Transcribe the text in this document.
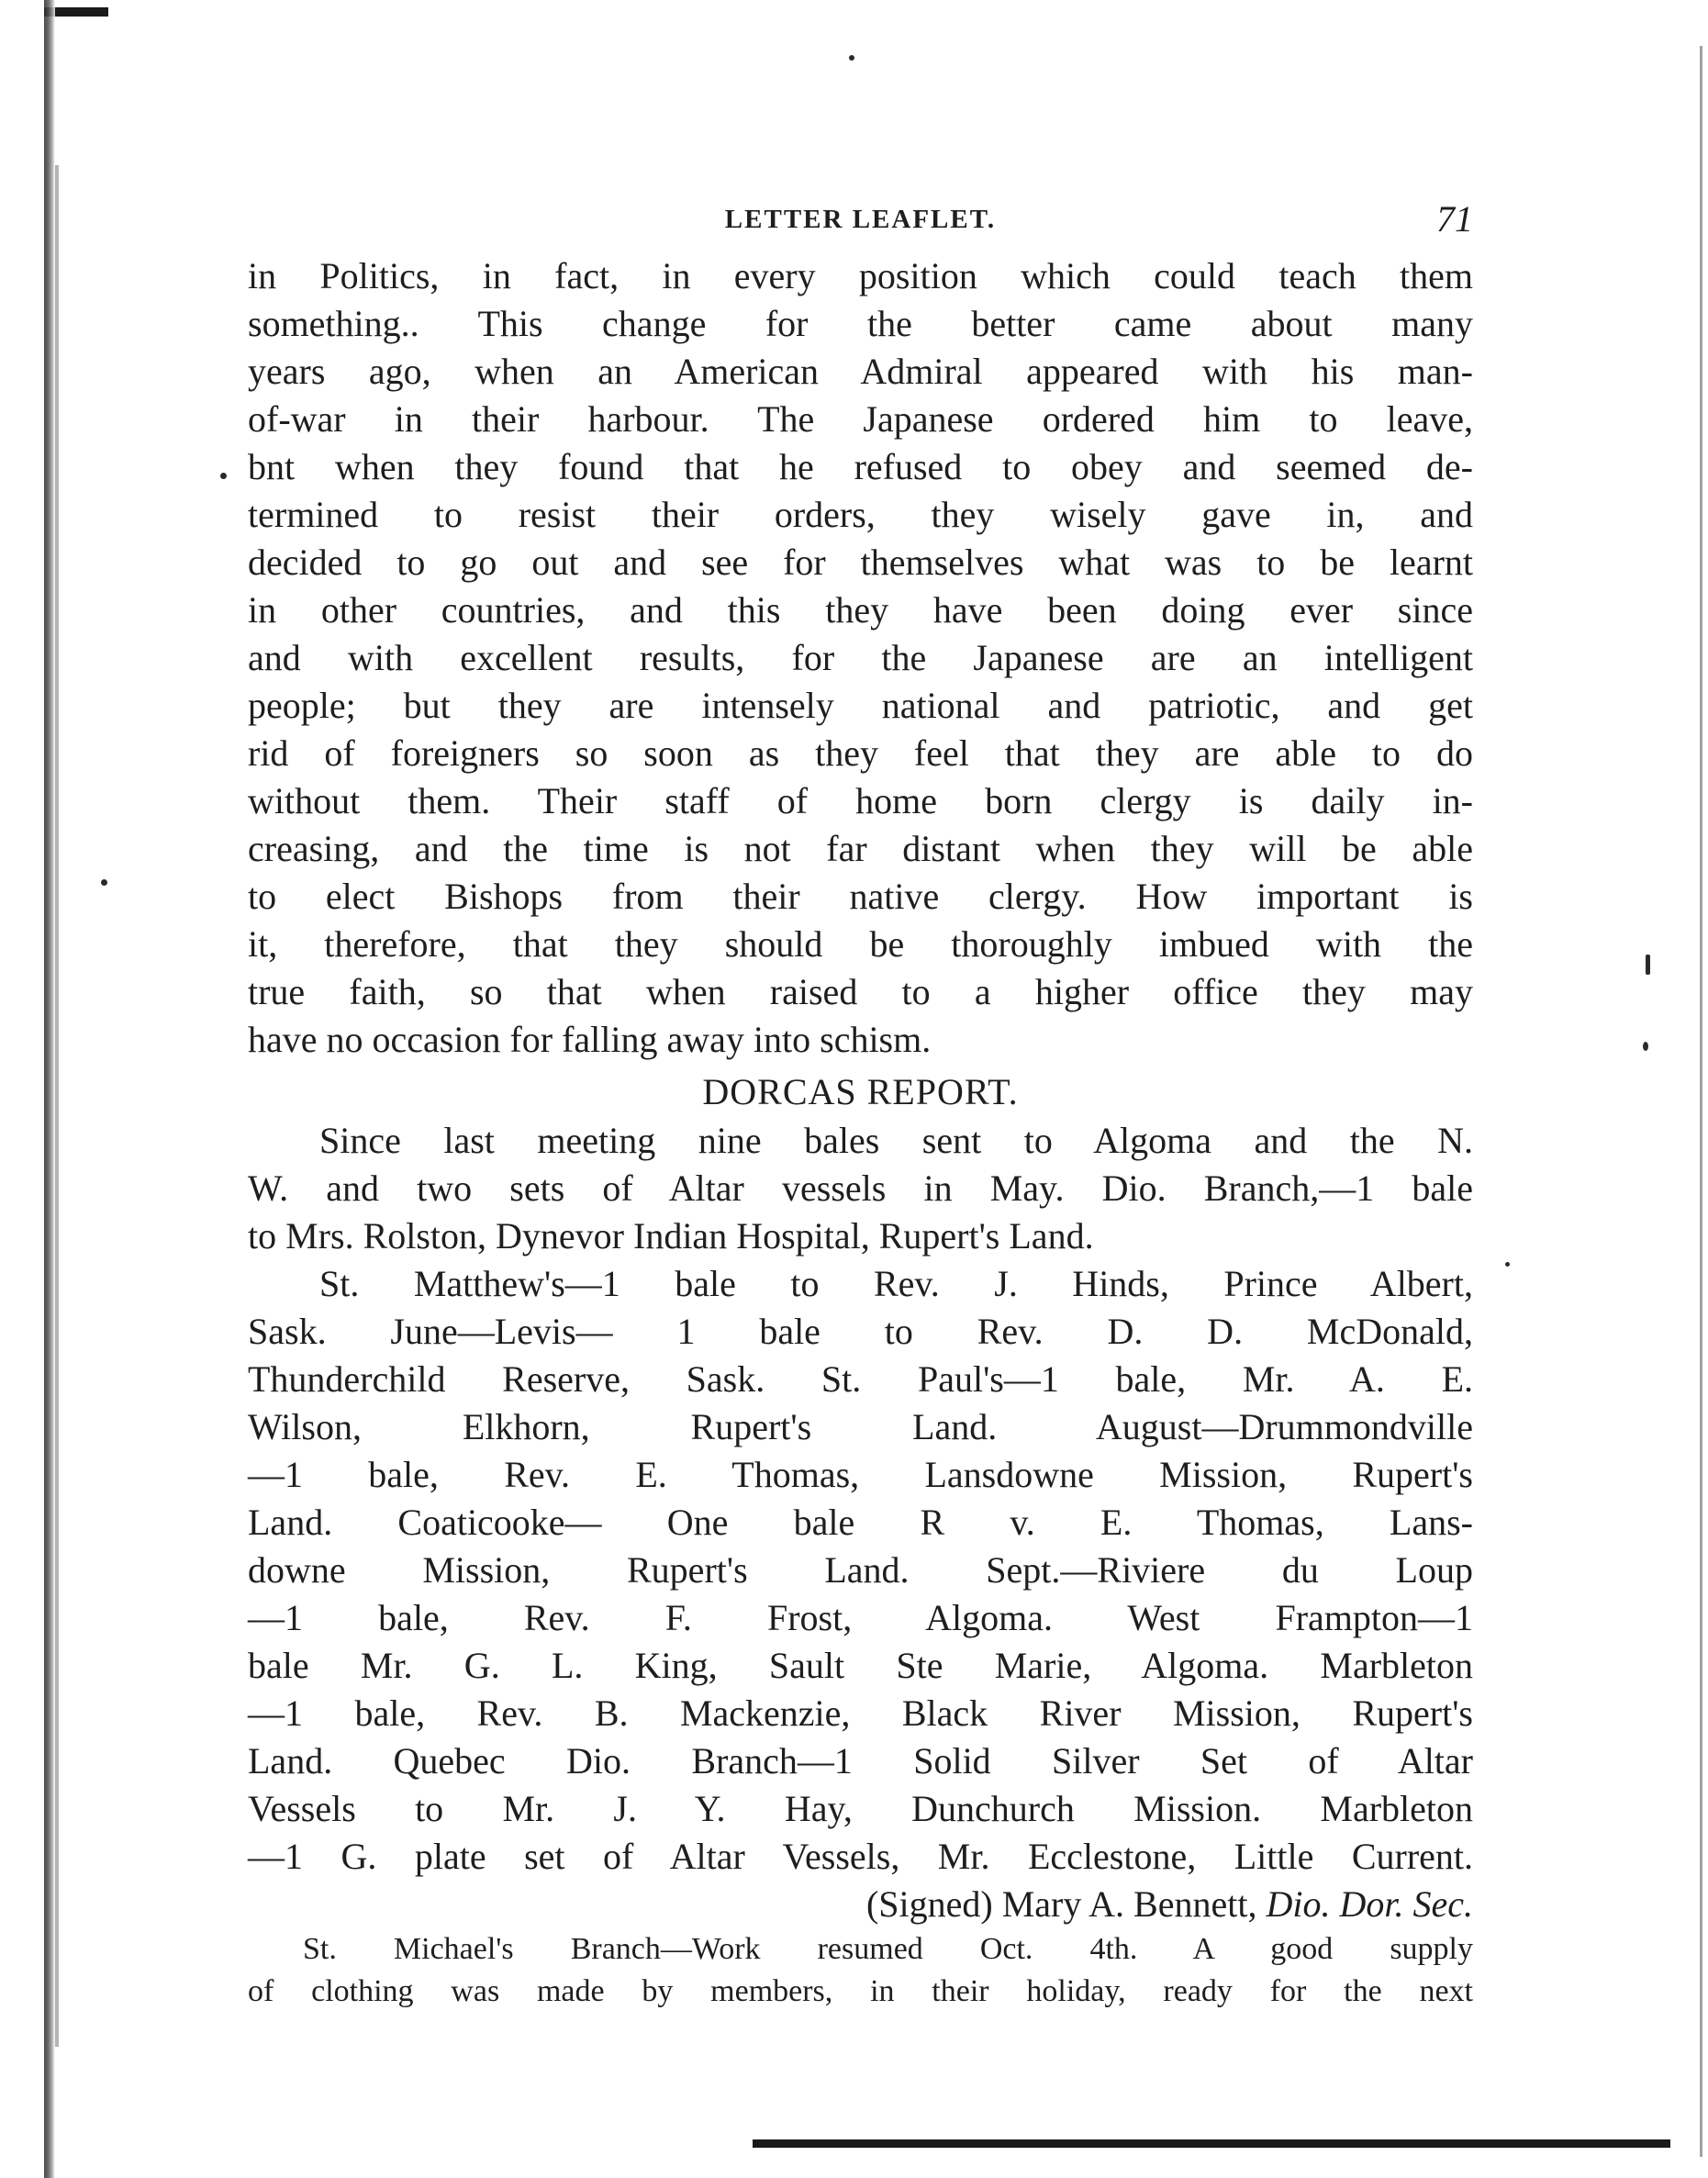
LETTER LEAFLET.	71
in Politics, in fact, in every position which could teach them
something.. This change for the better came about many
years ago, when an American Admiral appeared with his man-
of-war in their harbour. The Japanese ordered him to leave,
bnt when they found that he refused to obey and seemed de-
termined to resist their orders, they wisely gave in, and
decided to go out and see for themselves what was to be learnt
in other countries, and this they have been doing ever since
and with excellent results, for the Japanese are an intelligent
people; but they are intensely national and patriotic, and get
rid of foreigners so soon as they feel that they are able to do
without them. Their staff of home born clergy is daily in-
creasing, and the time is not far distant when they will be able
to elect Bishops from their native clergy. How important is
it, therefore, that they should be thoroughly imbued with the
true faith, so that when raised to a higher office they may
have no occasion for falling away into schism.
DORCAS REPORT.
Since last meeting nine bales sent to Algoma and the N.
W. and two sets of Altar vessels in May. Dio. Branch,—1 bale
to Mrs. Rolston, Dynevor Indian Hospital, Rupert's Land.
St. Matthew's—1 bale to Rev. J. Hinds, Prince Albert,
Sask. June—Levis— 1 bale to Rev. D. D. McDonald,
Thunderchild Reserve, Sask. St. Paul's—1 bale, Mr. A. E.
Wilson, Elkhorn, Rupert's Land. August—Drummondville
—1 bale, Rev. E. Thomas, Lansdowne Mission, Rupert's
Land. Coaticooke— One bale R v. E. Thomas, Lans-
downe Mission, Rupert's Land. Sept.—Riviere du Loup
—1 bale, Rev. F. Frost, Algoma. West Frampton—1
bale Mr. G. L. King, Sault Ste Marie, Algoma. Marbleton
—1 bale, Rev. B. Mackenzie, Black River Mission, Rupert's
Land. Quebec Dio. Branch—1 Solid Silver Set of Altar
Vessels to Mr. J. Y. Hay, Dunchurch Mission. Marbleton
—1 G. plate set of Altar Vessels, Mr. Ecclestone, Little Current.
(Signed) Mary A. Bennett, Dio. Dor. Sec.
St. Michael's Branch—Work resumed Oct. 4th. A good supply
of clothing was made by members, in their holiday, ready for the next
